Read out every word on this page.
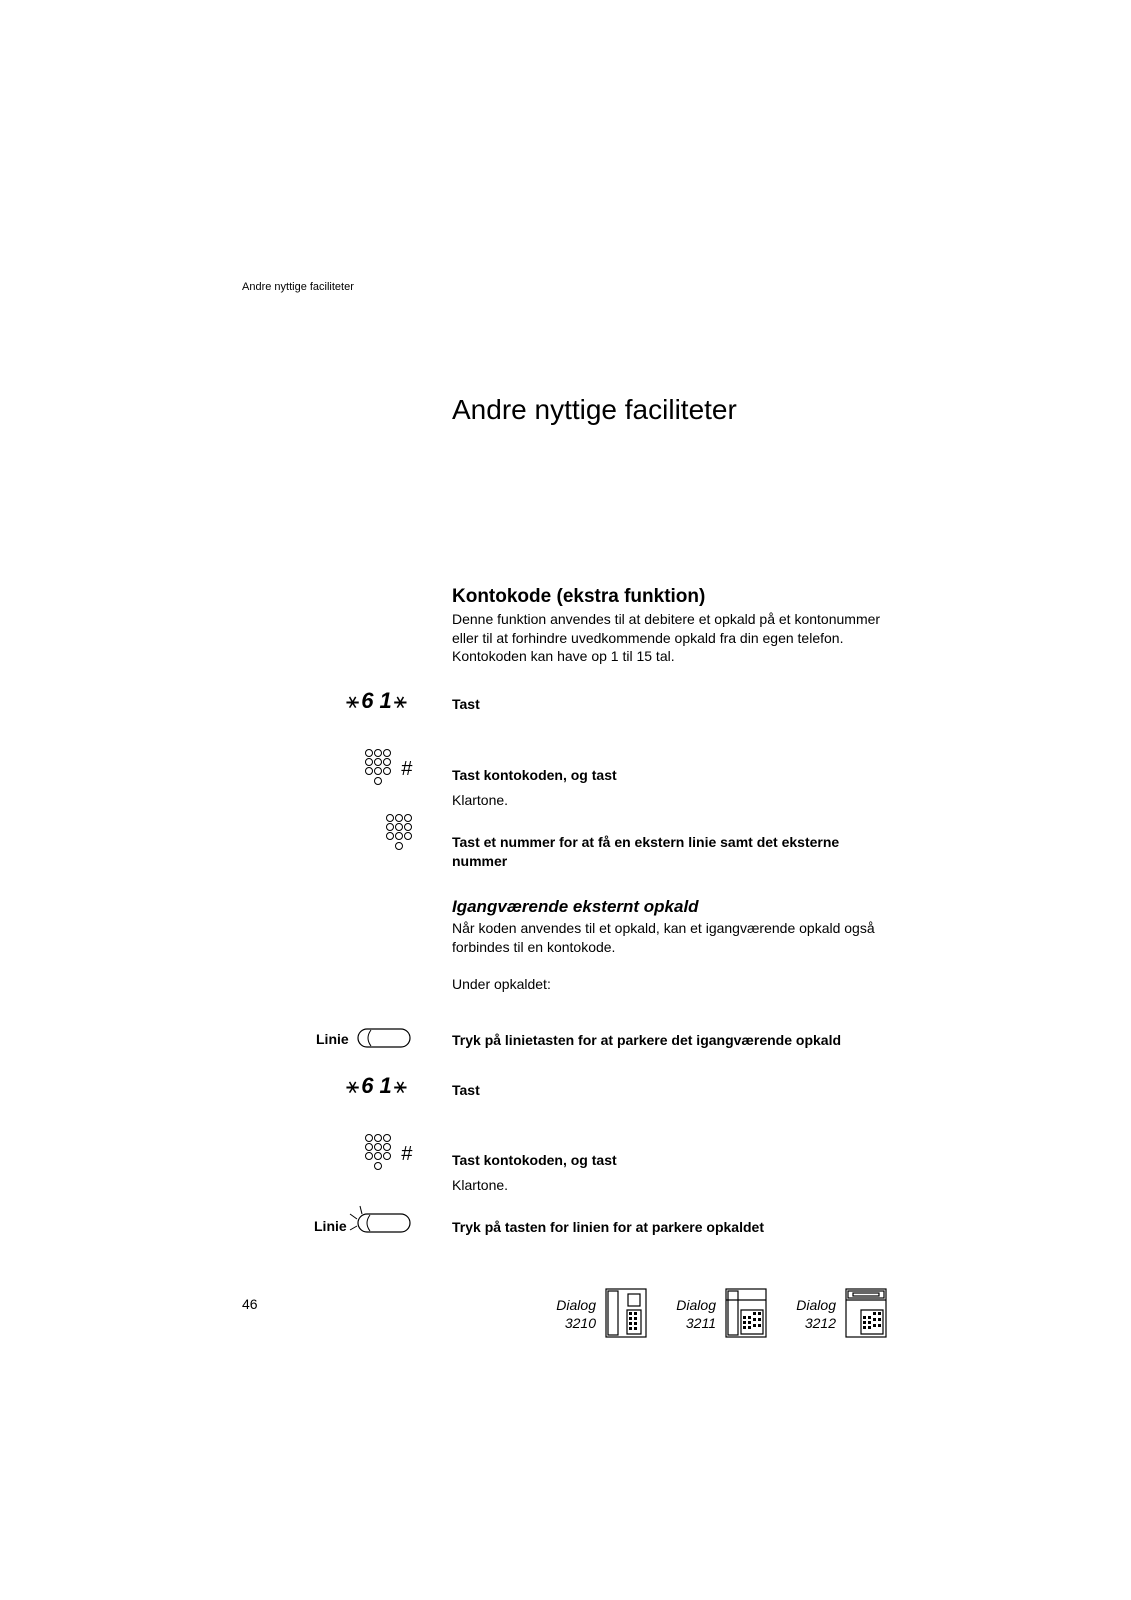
Andre nyttige faciliteter
Andre nyttige faciliteter
Kontokode (ekstra funktion)
Denne funktion anvendes til at debitere et opkald på et kontonummer
eller til at forhindre uvedkommende opkald fra din egen telefon.
Kontokoden kan have op 1 til 15 tal.
⚹ 6 1 ⚹	Tast
#	Tast kontokoden, og tast
Klartone.
Tast et nummer for at få en ekstern linie samt det eksterne
nummer
Igangværende eksternt opkald
Når koden anvendes til et opkald, kan et igangværende opkald også
forbindes til en kontokode.
Under opkaldet:
Linie	Tryk på linietasten for at parkere det igangværende opkald
⚹ 6 1 ⚹	Tast
#	Tast kontokoden, og tast
Klartone.
Linie	Tryk på tasten for linien for at parkere opkaldet
46	Dialog
3210
Dialog
3211
Dialog
3212
